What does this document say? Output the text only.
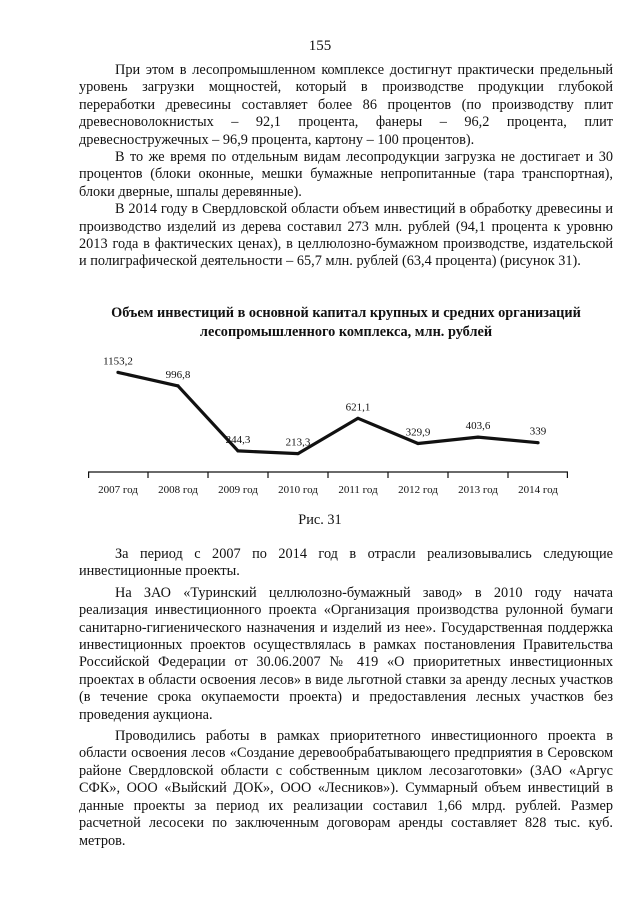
155

При этом в лесопромышленном комплексе достигнут практически предельный уровень загрузки мощностей, который в производстве продукции глубокой переработки древесины составляет более 86 процентов (по производству плит древесноволокнистых – 92,1 процента, фанеры – 96,2 процента, плит древесностружечных – 96,9 процента, картону – 100 процентов).

В то же время по отдельным видам лесопродукции загрузка не достигает и 30 процентов (блоки оконные, мешки бумажные непропитанные (тара транспортная), блоки дверные, шпалы деревянные).

В 2014 году в Свердловской области объем инвестиций в обработку древесины и производство изделий из дерева составил 273 млн. рублей (94,1 процента к уровню 2013 года в фактических ценах), в целлюлозно-бумажном производстве, издательской и полиграфической деятельности – 65,7 млн. рублей (63,4 процента) (рисунок 31).

Объем инвестиций в основной капитал крупных и средних организаций лесопромышленного комплекса, млн. рублей
1153,2
996,8
244,3	213,3
621,1
329,9
403,6	339
2007 год 2008 год 2009 год 2010 год 2011 год 2012 год 2013 год 2014 год
Рис. 31

За период с 2007 по 2014 год в отрасли реализовывались следующие инвестиционные проекты.

На ЗАО «Туринский целлюлозно-бумажный завод» в 2010 году начата реализация инвестиционного проекта «Организация производства рулонной бумаги санитарно-гигиенического назначения и изделий из нее». Государственная поддержка инвестиционных проектов осуществлялась в рамках постановления Правительства Российской Федерации от 30.06.2007 № 419 «О приоритетных инвестиционных проектах в области освоения лесов» в виде льготной ставки за аренду лесных участков (в течение срока окупаемости проекта) и предоставления лесных участков без проведения аукциона.

Проводились работы в рамках приоритетного инвестиционного проекта в области освоения лесов «Создание деревообрабатывающего предприятия в Серовском районе Свердловской области с собственным циклом лесозаготовки» (ЗАО «Аргус СФК», ООО «Выйский ДОК», ООО «Лесников»). Суммарный объем инвестиций в данные проекты за период их реализации составил 1,66 млрд. рублей. Размер расчетной лесосеки по заключенным договорам аренды составляет 828 тыс. куб. метров.
